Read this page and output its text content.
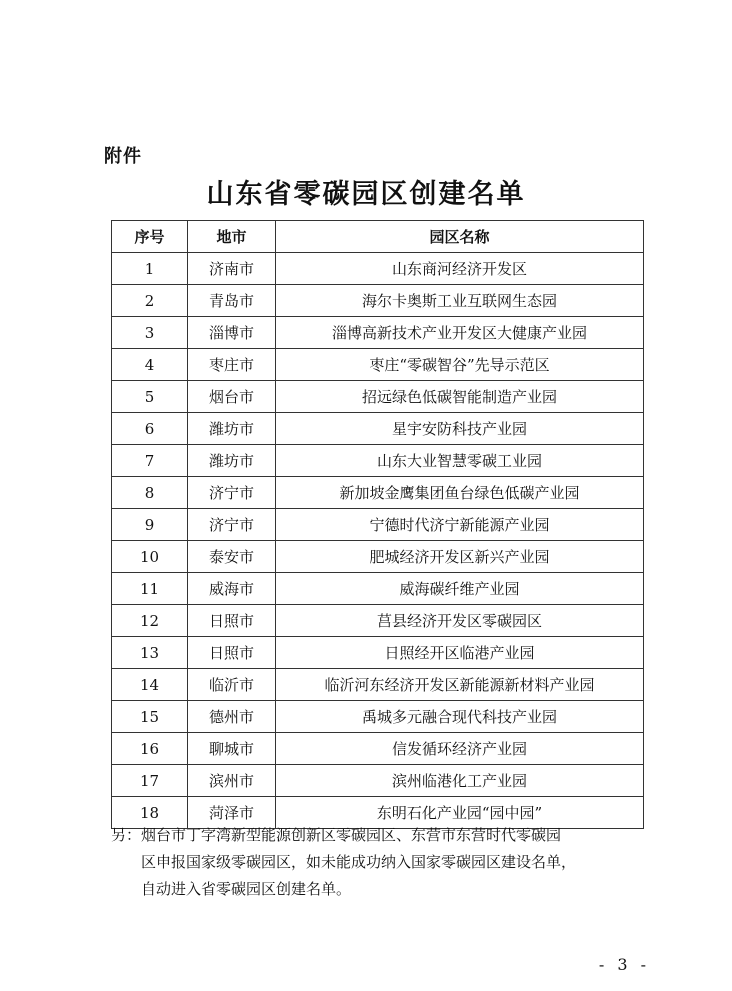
附件
山东省零碳园区创建名单
序号	地市	园区名称
1	济南市	山东商河经济开发区
2	青岛市	海尔卡奥斯工业互联网生态园
3	淄博市	淄博高新技术产业开发区大健康产业园
4	枣庄市	枣庄“零碳智谷”先导示范区
5	烟台市	招远绿色低碳智能制造产业园
6	潍坊市	星宇安防科技产业园
7	潍坊市	山东大业智慧零碳工业园
8	济宁市	新加坡金鹰集团鱼台绿色低碳产业园
9	济宁市	宁德时代济宁新能源产业园
10	泰安市	肥城经济开发区新兴产业园
11	威海市	威海碳纤维产业园
12	日照市	莒县经济开发区零碳园区
13	日照市	日照经开区临港产业园
14	临沂市	临沂河东经济开发区新能源新材料产业园
15	德州市	禹城多元融合现代科技产业园
16	聊城市	信发循环经济产业园
17	滨州市	滨州临港化工产业园
18	菏泽市	东明石化产业园“园中园”
另：烟台市丁字湾新型能源创新区零碳园区、东营市东营时代零碳园
　　区申报国家级零碳园区，如未能成功纳入国家零碳园区建设名单，
　　自动进入省零碳园区创建名单。
- 3 -
